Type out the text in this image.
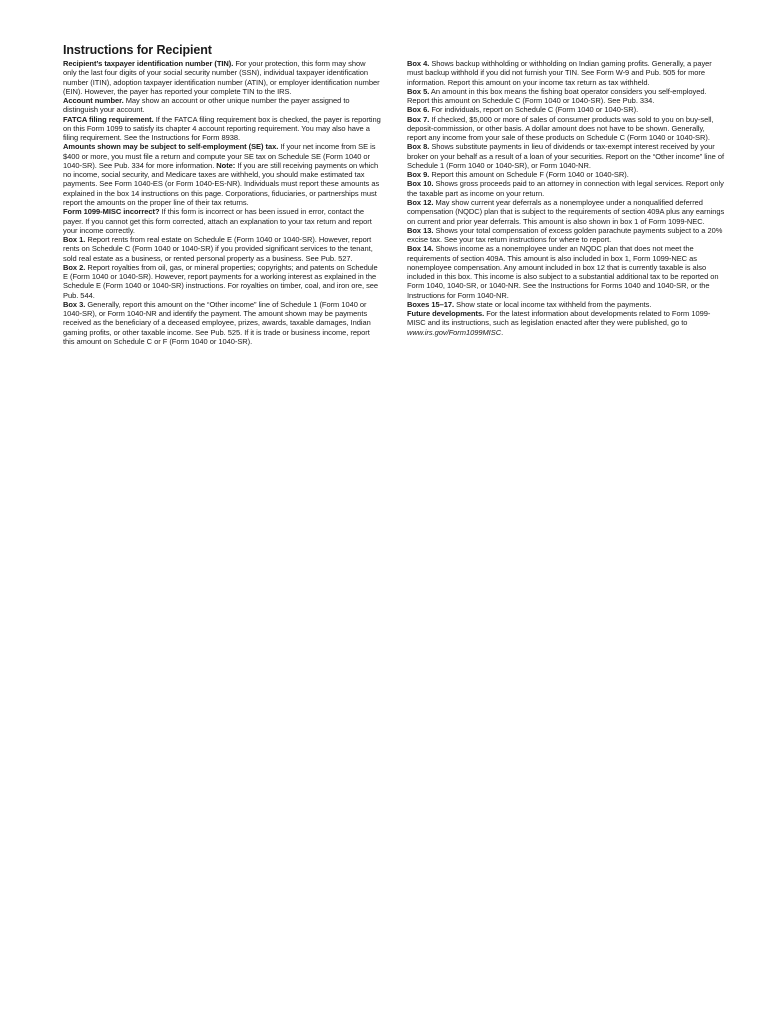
Instructions for Recipient

Recipient’s taxpayer identification number (TIN). For your protection, this form may show only the last four digits of your social security number (SSN), individual taxpayer identification number (ITIN), adoption taxpayer identification number (ATIN), or employer identification number (EIN). However, the payer has reported your complete TIN to the IRS.

Account number. May show an account or other unique number the payer assigned to distinguish your account.

FATCA filing requirement. If the FATCA filing requirement box is checked, the payer is reporting on this Form 1099 to satisfy its chapter 4 account reporting requirement. You may also have a filing requirement. See the Instructions for Form 8938.

Amounts shown may be subject to self-employment (SE) tax. If your net income from SE is $400 or more, you must file a return and compute your SE tax on Schedule SE (Form 1040 or 1040-SR). See Pub. 334 for more information. Note: If you are still receiving payments on which no income, social security, and Medicare taxes are withheld, you should make estimated tax payments. See Form 1040-ES (or Form 1040-ES-NR). Individuals must report these amounts as explained in the box 14 instructions on this page. Corporations, fiduciaries, or partnerships must report the amounts on the proper line of their tax returns.

Form 1099-MISC incorrect? If this form is incorrect or has been issued in error, contact the payer. If you cannot get this form corrected, attach an explanation to your tax return and report your income correctly.

Box 1. Report rents from real estate on Schedule E (Form 1040 or 1040-SR). However, report rents on Schedule C (Form 1040 or 1040-SR) if you provided significant services to the tenant, sold real estate as a business, or rented personal property as a business. See Pub. 527.

Box 2. Report royalties from oil, gas, or mineral properties; copyrights; and patents on Schedule E (Form 1040 or 1040-SR). However, report payments for a working interest as explained in the Schedule E (Form 1040 or 1040-SR) instructions. For royalties on timber, coal, and iron ore, see Pub. 544.

Box 3. Generally, report this amount on the “Other income” line of Schedule 1 (Form 1040 or 1040-SR), or Form 1040-NR and identify the payment. The amount shown may be payments received as the beneficiary of a deceased employee, prizes, awards, taxable damages, Indian gaming profits, or other taxable income. See Pub. 525. If it is trade or business income, report this amount on Schedule C or F (Form 1040 or 1040-SR).

Box 4. Shows backup withholding or withholding on Indian gaming profits. Generally, a payer must backup withhold if you did not furnish your TIN. See Form W-9 and Pub. 505 for more information. Report this amount on your income tax return as tax withheld.

Box 5. An amount in this box means the fishing boat operator considers you self-employed. Report this amount on Schedule C (Form 1040 or 1040-SR). See Pub. 334.

Box 6. For individuals, report on Schedule C (Form 1040 or 1040-SR).

Box 7. If checked, $5,000 or more of sales of consumer products was sold to you on buy-sell, deposit-commission, or other basis. A dollar amount does not have to be shown. Generally, report any income from your sale of these products on Schedule C (Form 1040 or 1040-SR).

Box 8. Shows substitute payments in lieu of dividends or tax-exempt interest received by your broker on your behalf as a result of a loan of your securities. Report on the “Other income” line of Schedule 1 (Form 1040 or 1040-SR), or Form 1040-NR.

Box 9. Report this amount on Schedule F (Form 1040 or 1040-SR).

Box 10. Shows gross proceeds paid to an attorney in connection with legal services. Report only the taxable part as income on your return.

Box 12. May show current year deferrals as a nonemployee under a nonqualified deferred compensation (NQDC) plan that is subject to the requirements of section 409A plus any earnings on current and prior year deferrals. This amount is also shown in box 1 of Form 1099-NEC.

Box 13. Shows your total compensation of excess golden parachute payments subject to a 20% excise tax. See your tax return instructions for where to report.

Box 14. Shows income as a nonemployee under an NQDC plan that does not meet the requirements of section 409A. This amount is also included in box 1, Form 1099-NEC as nonemployee compensation. Any amount included in box 12 that is currently taxable is also included in this box. This income is also subject to a substantial additional tax to be reported on Form 1040, 1040-SR, or 1040-NR. See the Instructions for Forms 1040 and 1040-SR, or the Instructions for Form 1040-NR.

Boxes 15–17. Show state or local income tax withheld from the payments.

Future developments. For the latest information about developments related to Form 1099-MISC and its instructions, such as legislation enacted after they were published, go to www.irs.gov/Form1099MISC.
